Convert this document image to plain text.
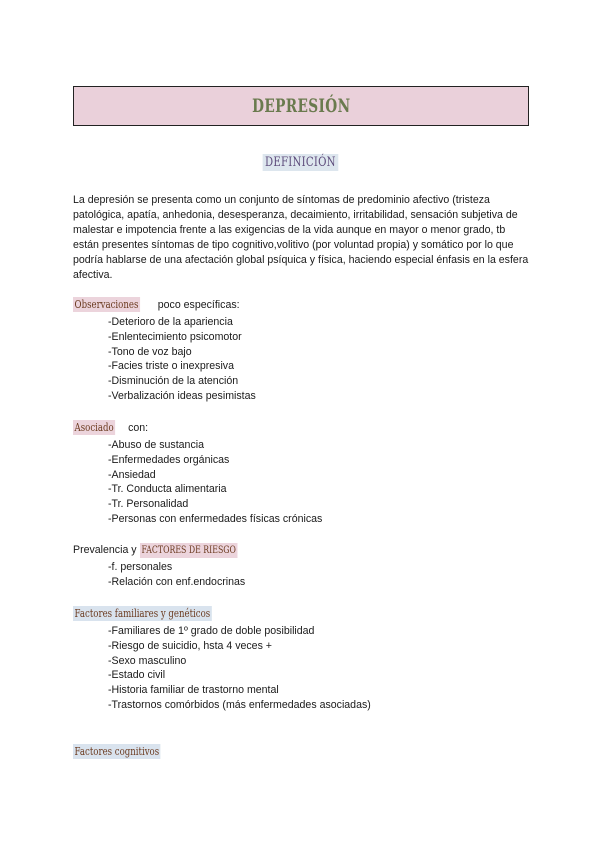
DEPRESIÓN
DEFINICIÓN

La depresión se presenta como un conjunto de síntomas de predominio afectivo (tristeza patológica, apatía, anhedonia, desesperanza, decaimiento, irritabilidad, sensación subjetiva de malestar e impotencia frente a las exigencias de la vida aunque en mayor o menor grado, tb están presentes síntomas de tipo cognitivo,volitivo (por voluntad propia) y somático por lo que podría hablarse de una afectación global psíquica y física, haciendo especial énfasis en la esfera afectiva.

Observaciones poco específicas:
-Deterioro de la apariencia
-Enlentecimiento psicomotor
-Tono de voz bajo
-Facies triste o inexpresiva
-Disminución de la atención
-Verbalización ideas pesimistas
Asociado con:
-Abuso de sustancia
-Enfermedades orgánicas
-Ansiedad
-Tr. Conducta alimentaria
-Tr. Personalidad
-Personas con enfermedades físicas crónicas
Prevalencia y FACTORES DE RIESGO
-f. personales
-Relación con enf.endocrinas
Factores familiares y genéticos
-Familiares de 1º grado de doble posibilidad
-Riesgo de suicidio, hsta 4 veces +
-Sexo masculino
-Estado civil
-Historia familiar de trastorno mental
-Trastornos comórbidos (más enfermedades asociadas)
Factores cognitivos
